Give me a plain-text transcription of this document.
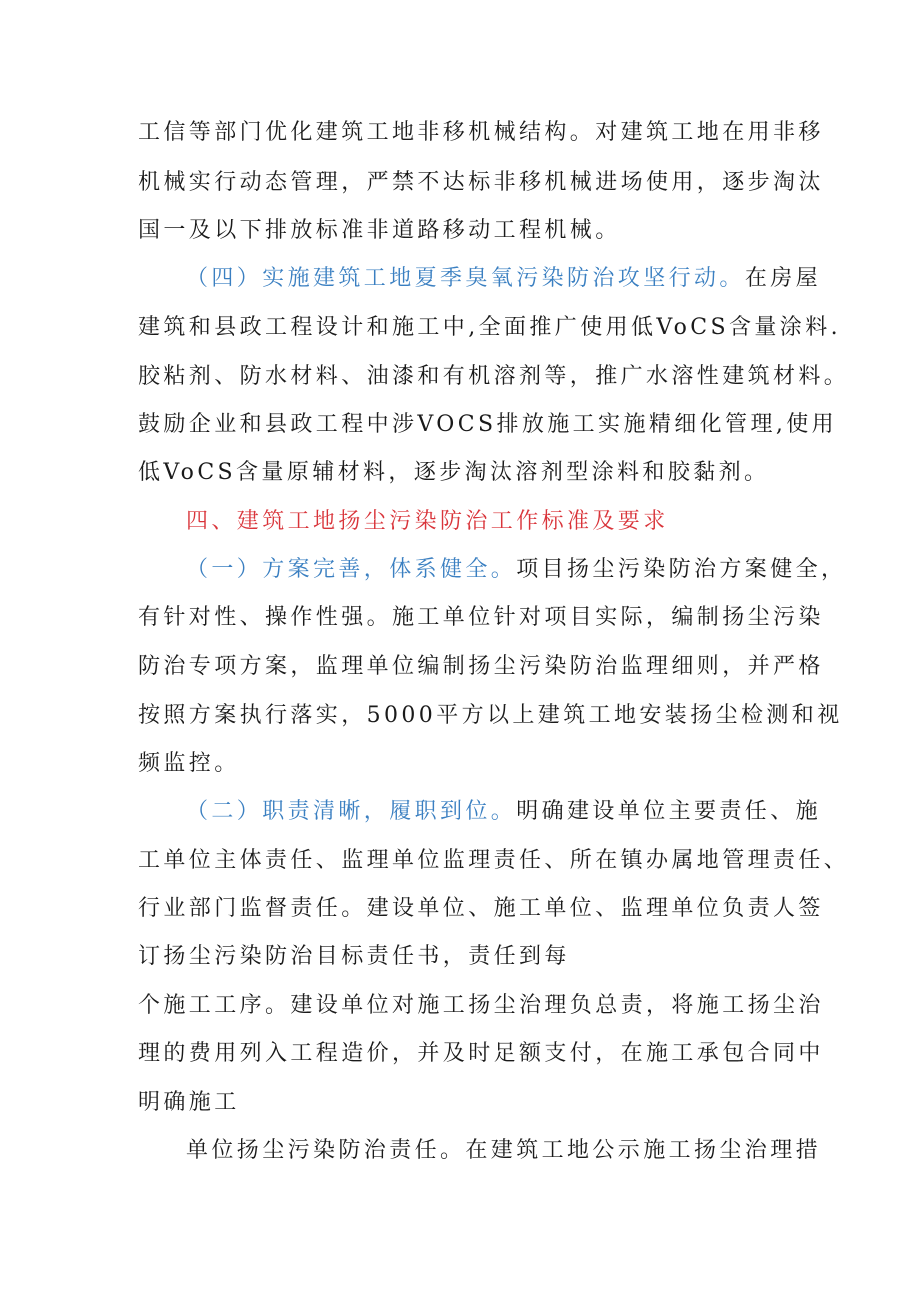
工信等部门优化建筑工地非移机械结构。对建筑工地在用非移
机械实行动态管理，严禁不达标非移机械进场使用，逐步淘汰
国一及以下排放标准非道路移动工程机械。
（四）实施建筑工地夏季臭氧污染防治攻坚行动。在房屋
建筑和县政工程设计和施工中,全面推广使用低VoCS含量涂料.
胶粘剂、防水材料、油漆和有机溶剂等，推广水溶性建筑材料。
鼓励企业和县政工程中涉VOCS排放施工实施精细化管理,使用
低VoCS含量原辅材料，逐步淘汰溶剂型涂料和胶黏剂。
四、建筑工地扬尘污染防治工作标准及要求
（一）方案完善，体系健全。项目扬尘污染防治方案健全，
有针对性、操作性强。施工单位针对项目实际，编制扬尘污染
防治专项方案，监理单位编制扬尘污染防治监理细则，并严格
按照方案执行落实，5000平方以上建筑工地安装扬尘检测和视
频监控。
（二）职责清晰，履职到位。明确建设单位主要责任、施
工单位主体责任、监理单位监理责任、所在镇办属地管理责任、
行业部门监督责任。建设单位、施工单位、监理单位负责人签
订扬尘污染防治目标责任书，责任到每
个施工工序。建设单位对施工扬尘治理负总责，将施工扬尘治
理的费用列入工程造价，并及时足额支付，在施工承包合同中
明确施工
单位扬尘污染防治责任。在建筑工地公示施工扬尘治理措
